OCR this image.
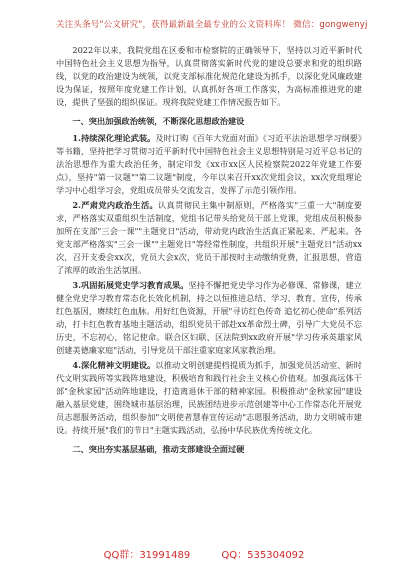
关注头条号"公文研究"，获得最新最全最专业的公文资料库！ 微信：gongwenyj

2022年以来，我院党组在区委和市检察院的正确领导下，坚持以习近平新时代中国特色社会主义思想为指导，认真贯彻落实新时代党的建设总要求和党的组织路线，以党的政治建设为统领，以党支部标准化规范化建设为抓手，以深化党风廉政建设为保证，按照年度党建工作计划，认真抓好各项工作落实，为高标准推进党的建设，提供了坚强的组织保证。现将我院党建工作情况报告如下。

一、突出加强政治统领，不断深化思想政治建设

1.持续深化理论武装。及时订购《百年大党面对面》《习近平法治思想学习纲要》等书籍，坚持把学习贯彻习近平新时代中国特色社会主义思想特别是习近平总书记的法治思想作为重大政治任务，制定印发《xx市xx区人民检察院2022年党建工作要点》，坚持"第一议题""第二议题"制度，今年以来召开xx次党组会议，xx次党组理论学习中心组学习会，党组成员带头交流发言，发挥了示范引领作用。

2.严肃党内政治生活。认真贯彻民主集中制原则，严格落实"三重一大"制度要求，严格落实双重组织生活制度，党组书记带头给党员干部上党课，党组成员积极参加所在支部"三会一课""主题党日"活动，带动党内政治生活真正紧起来、严起来。各党支部严格落实"三会一课""主题党日"等经常性制度，共组织开展"主题党日"活动xx次，召开支委会xx次，党员大会x次，党员干部按时主动缴纳党费，汇报思想，营造了浓厚的政治生活氛围。

3.巩固拓展党史学习教育成果。坚持不懈把党史学习作为必修课、常修课，建立健全党史学习教育常态化长效化机制，持之以恒推进总结、学习、教育、宣传，传承红色基因，赓续红色血脉。用好红色资源，开展"寻访红色传奇 追忆初心使命"系列活动，打卡红色教育基地主题活动，组织党员干部赴xx革命烈士碑，引导广大党员不忘历史，不忘初心，铭记使命。联合区妇联、区法院到xx政府开展"学习传承英雄家风创建美德廉家庭"活动，引导党员干部注重家庭家风家教治理。

4.深化精神文明建设。以推动文明创建提档提质为抓手，加强党员活动室、新时代文明实践所等实践阵地建设，积极培育和践行社会主义核心价值观。加强高远体干部"金秋家园"活动阵地建设，打造离退休干部的精神家园。积极推动"金秋家园"建设融入基层党建，围绕城市基层治理，民族团结进步示范创建等中心工作常态化开展党员志愿服务活动，组织参加"文明使者慧春宣传运动"志愿服务活动，助力文明城市建设。持续开展"我们的节日"主题实践活动，弘扬中华民族优秀传统文化。

二、突出夯实基层基础，推动支部建设全面过硬

QQ群：31991489	QQ：535304092
